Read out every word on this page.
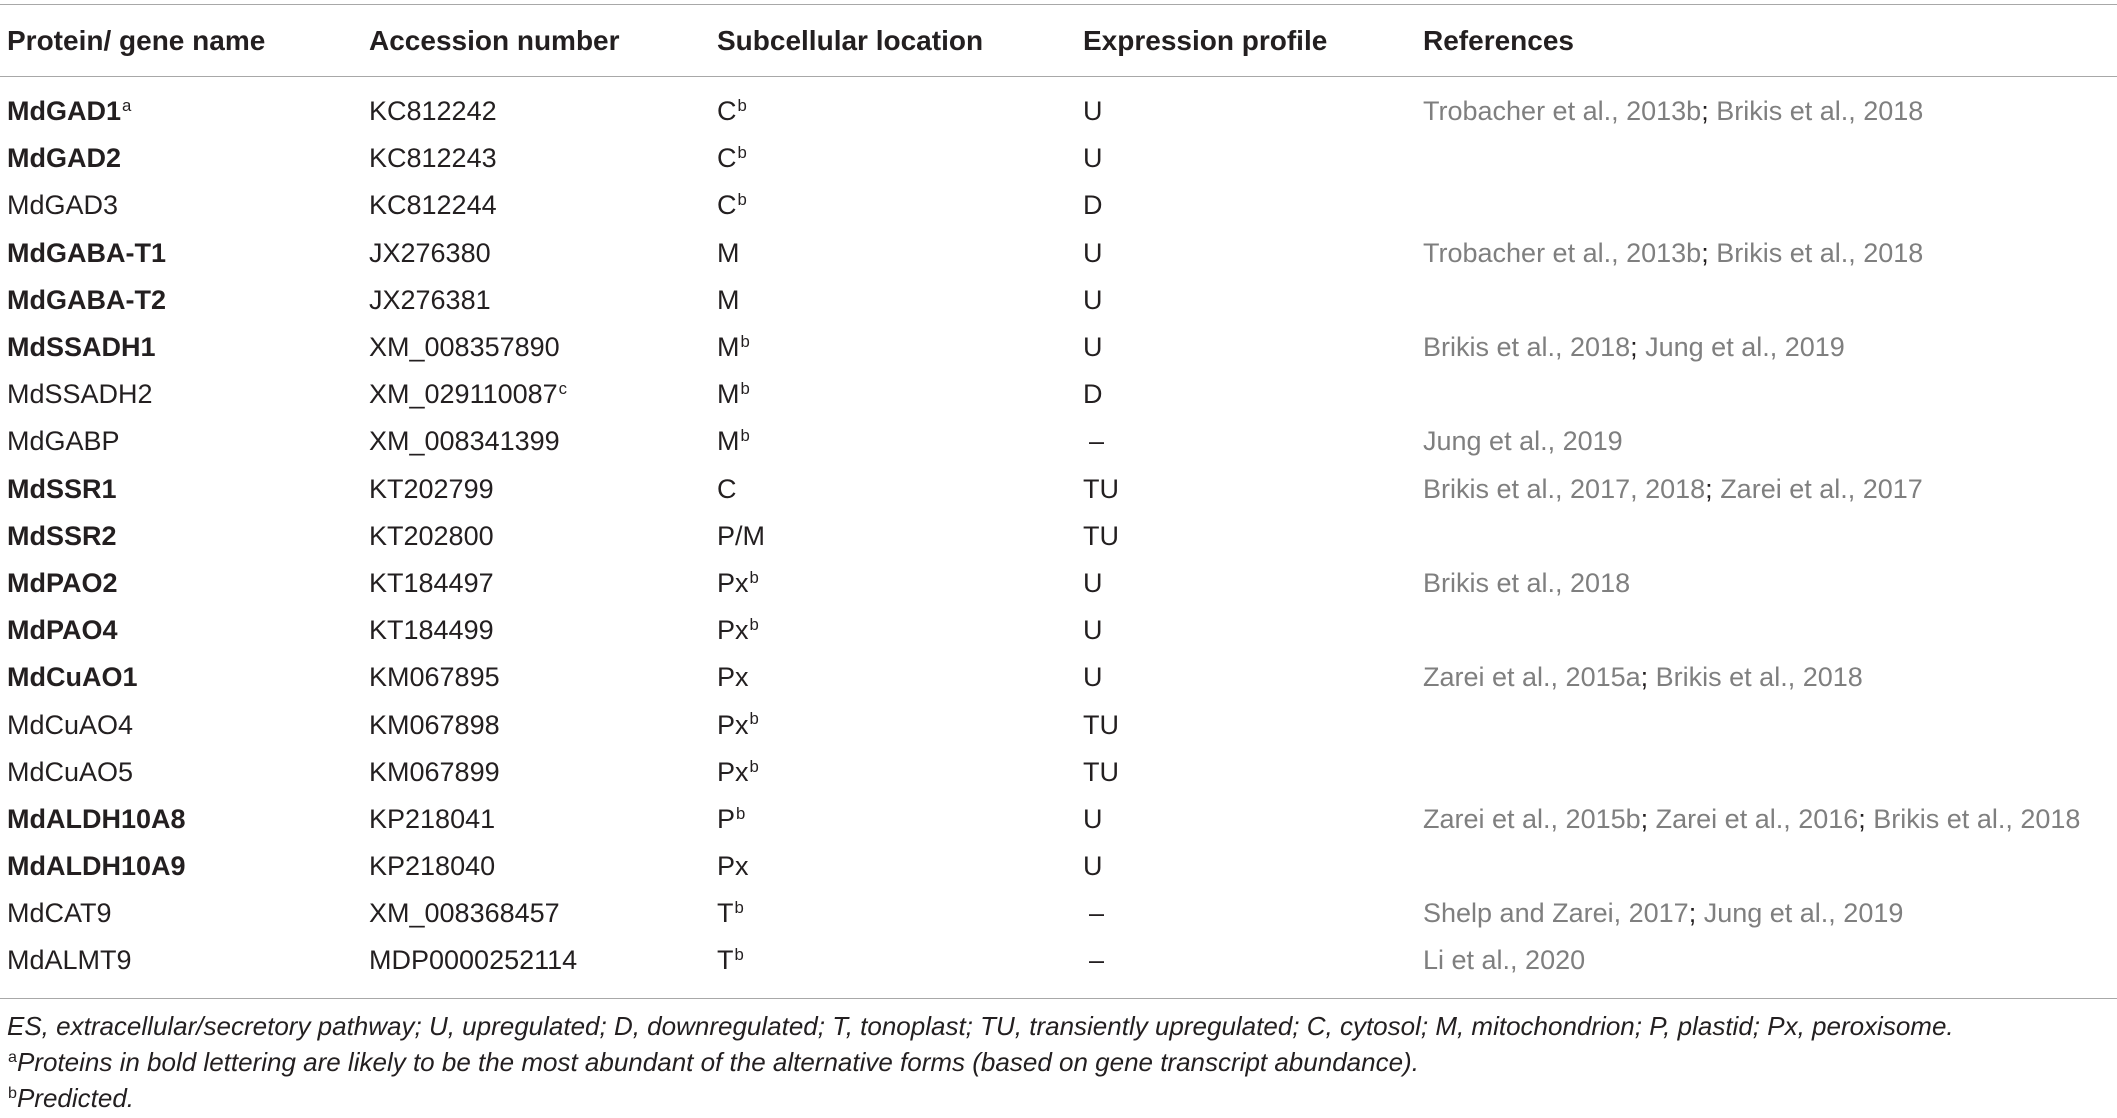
Protein/ gene name	Accession number	Subcellular location	Expression profile	References
MdGAD1$^a$	KC812242	$C^b$	U	Trobacher et al., 2013b; Brikis et al., 2018
MdGAD2	KC812243	$C^b$	U
MdGAD3	KC812244	$C^b$	D
MdGABA-T1	JX276380	M	U	Trobacher et al., 2013b; Brikis et al., 2018
MdGABA-T2	JX276381	M	U
MdSSADH1	XM_008357890	$M^b$	U	Brikis et al., 2018; Jung et al., 2019
MdSSADH2	XM_029110087$^c$	$M^b$	D
MdGABP	XM_008341399	$M^b$	–	Jung et al., 2019
MdSSR1	KT202799	C	TU	Brikis et al., 2017, 2018; Zarei et al., 2017
MdSSR2	KT202800	P/M	TU
MdPAO2	KT184497	Px$^b$	U	Brikis et al., 2018
MdPAO4	KT184499	Px$^b$	U
MdCuAO1	KM067895	Px	U	Zarei et al., 2015a; Brikis et al., 2018
MdCuAO4	KM067898	Px$^b$	TU
MdCuAO5	KM067899	Px$^b$	TU
MdALDH10A8	KP218041	$P^b$	U	Zarei et al., 2015b; Zarei et al., 2016; Brikis et al., 2018
MdALDH10A9	KP218040	Px	U
MdCAT9	XM_008368457	$T^b$	–	Shelp and Zarei, 2017; Jung et al., 2019
MdALMT9	MDP0000252114	$T^b$	–	Li et al., 2020
ES, extracellular/secretory pathway; U, upregulated; D, downregulated; T, tonoplast; TU, transiently upregulated; C, cytosol; M, mitochondrion; P, plastid; Px, peroxisome.
$^a$Proteins in bold lettering are likely to be the most abundant of the alternative forms (based on gene transcript abundance).
$^b$Predicted.
